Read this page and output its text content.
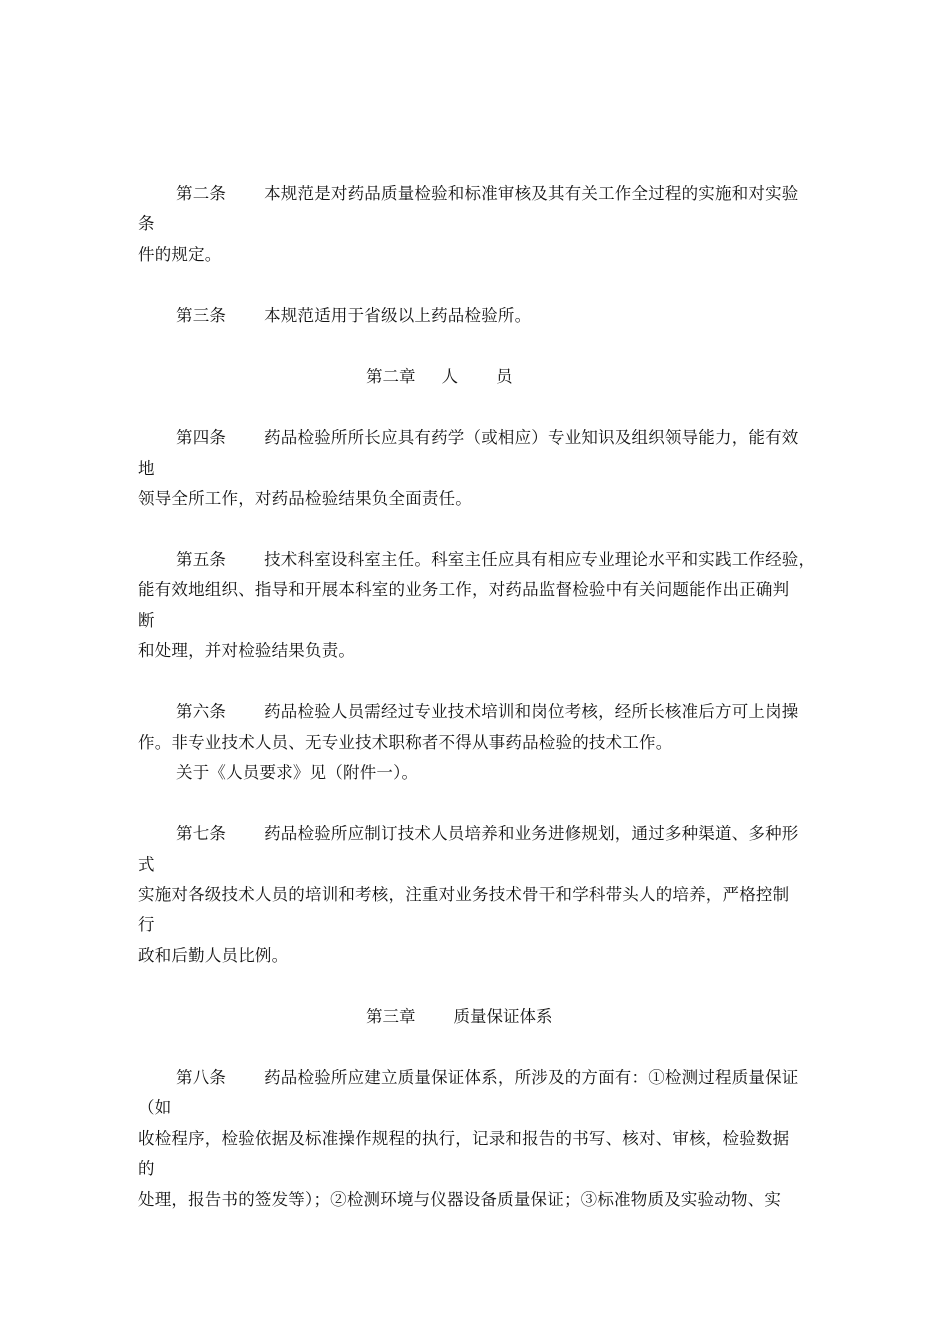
第二条 本规范是对药品质量检验和标准审核及其有关工作全过程的实施和对实验
条
件的规定。
第三条 本规范适用于省级以上药品检验所。
第二章 人 员
第四条 药品检验所所长应具有药学（或相应）专业知识及组织领导能力，能有效
地
领导全所工作，对药品检验结果负全面责任。
第五条 技术科室设科室主任。科室主任应具有相应专业理论水平和实践工作经验，
能有效地组织、指导和开展本科室的业务工作，对药品监督检验中有关问题能作出正确判
断
和处理，并对检验结果负责。
第六条 药品检验人员需经过专业技术培训和岗位考核，经所长核准后方可上岗操
作。非专业技术人员、无专业技术职称者不得从事药品检验的技术工作。
关于《人员要求》见（附件一）。
第七条 药品检验所应制订技术人员培养和业务进修规划，通过多种渠道、多种形
式
实施对各级技术人员的培训和考核，注重对业务技术骨干和学科带头人的培养，严格控制
行
政和后勤人员比例。
第三章 质量保证体系
第八条 药品检验所应建立质量保证体系，所涉及的方面有：①检测过程质量保证
（如
收检程序，检验依据及标准操作规程的执行，记录和报告的书写、核对、审核，检验数据
的
处理，报告书的签发等）；②检测环境与仪器设备质量保证；③标准物质及实验动物、实
